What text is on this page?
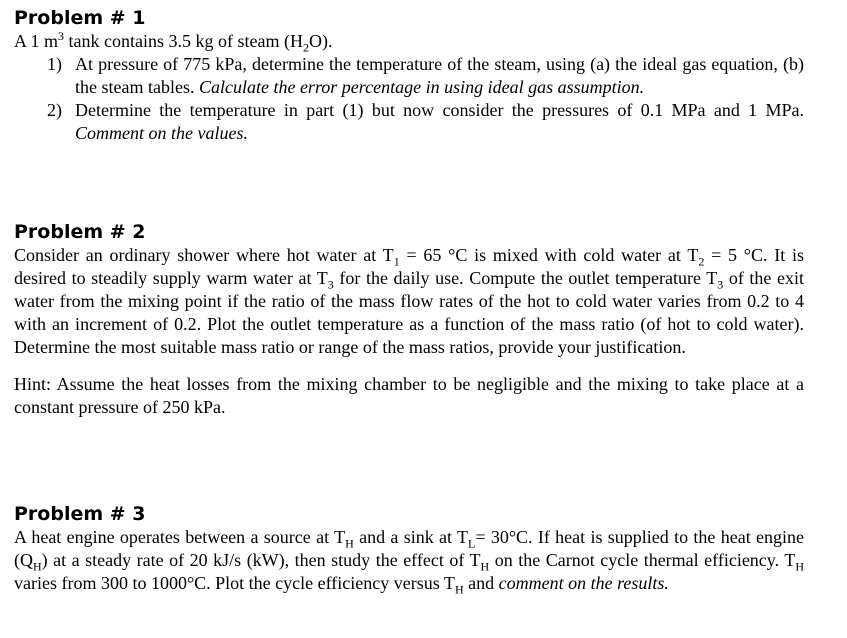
Problem # 1

A 1 $m^3$ tank contains 3.5 kg of steam $(H_2O)$.

1) At pressure of 775 kPa, determine the temperature of the steam, using (a) the ideal gas equation, (b) the steam tables. Calculate the error percentage in using ideal gas assumption.
2) Determine the temperature in part (1) but now consider the pressures of 0.1 MPa and 1 MPa. Comment on the values.
Problem # 2

Consider an ordinary shower where hot water at $T_1 = 65$ °C is mixed with cold water at $T_2 = 5$ °C. It is desired to steadily supply warm water at $T_3$ for the daily use. Compute the outlet temperature $T_3$ of the exit water from the mixing point if the ratio of the mass flow rates of the hot to cold water varies from 0.2 to 4 with an increment of 0.2. Plot the outlet temperature as a function of the mass ratio (of hot to cold water). Determine the most suitable mass ratio or range of the mass ratios, provide your justification.

Hint: Assume the heat losses from the mixing chamber to be negligible and the mixing to take place at a constant pressure of 250 kPa.

Problem # 3

A heat engine operates between a source at $T_H$ and a sink at $T_L= 30^\circ C$. If heat is supplied to the heat engine $(Q_H)$ at a steady rate of 20 kJ/s (kW), then study the effect of $T_H$ on the Carnot cycle thermal efficiency. $T_H$ varies from 300 to 1000°C. Plot the cycle efficiency versus $T_H$ and comment on the results.
